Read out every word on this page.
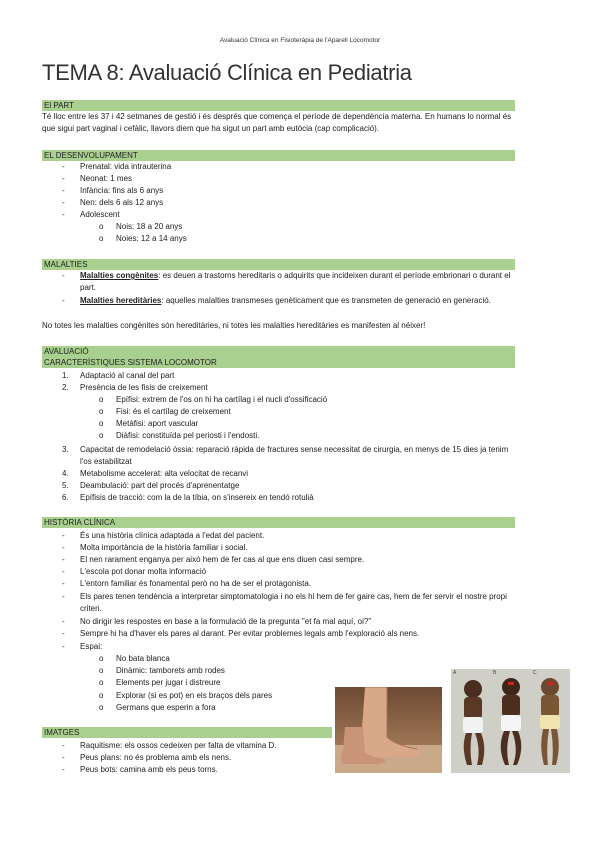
Avaluació Clínica en Fisioteràpia de l'Aparell Locomotor
TEMA 8: Avaluació Clínica en Pediatria
El PART
Té lloc entre les 37 i 42 setmanes de gestió i és després que comença el període de dependència materna. En humans lo normal és que sigui part vaginal i cefàlic, llavors diem que ha sigut un part amb eutòcia (cap complicació).
EL DESENVOLUPAMENT
- Prenatal: vida intrauterina
- Neonat: 1 mes
- Infància: fins als 6 anys
- Nen: dels 6 als 12 anys
- Adolescent
o Nois: 18 a 20 anys
o Noies: 12 a 14 anys
MALALTIES
- Malalties congènites: es deuen a trastorns hereditaris o adquirits que incideixen durant el període embrionari o durant el part.
- Malalties hereditàries: aquelles malalties transmeses genèticament que es transmeten de generació en generació.
No totes les malalties congènites són hereditàries, ni totes les malalties hereditàries es manifesten al néixer!
AVALUACIÓ
CARACTERÍSTIQUES SISTEMA LOCOMOTOR
1. Adaptació al canal del part
2. Presència de les fisis de creixement
o Epífisi: extrem de l'os on hi ha cartílag i el nucli d'ossificació
o Fisi: és el cartílag de creixement
o Metàfisi: aport vascular
o Diàfisi: constituïda pel periosti i l'endosti.
3. Capacitat de remodelació òssia: reparació ràpida de fractures sense necessitat de cirurgia, en menys de 15 dies ja tenim l'os estabilitzat
4. Metabolisme accelerat: alta velocitat de recanvi
5. Deambulació: part del procés d'aprenentatge
6. Epífisis de tracció: com la de la tíbia, on s'insereix en tendó rotulià
HISTÒRIA CLÍNICA
- És una història clínica adaptada a l'edat del pacient.
- Molta importància de la història familiar i social.
- El nen rarament enganya per això hem de fer cas al que ens diuen casi sempre.
- L'escola pot donar molta informació
- L'entorn familiar és fonamental però no ha de ser el protagonista.
- Els pares tenen tendència a interpretar simptomatologia i no els hi hem de fer gaire cas, hem de fer servir el nostre propi criteri.
- No dirigir les respostes en base a la formulació de la pregunta "et fa mal aquí, oi?"
- Sempre hi ha d'haver els pares al darant. Per evitar problemes legals amb l'exploració als nens.
- Espai:
o No bata blanca
o Dinàmic: tamborets amb rodes
o Elements per jugar i distreure
o Explorar (si es pot) en els braços dels pares
o Germans que esperin a fora
IMATGES
- Raquitisme: els ossos cedeixen per falta de vitamina D.
- Peus plans: no és problema amb els nens.
- Peus bots: camina amb els peus torns.
A	B	C
